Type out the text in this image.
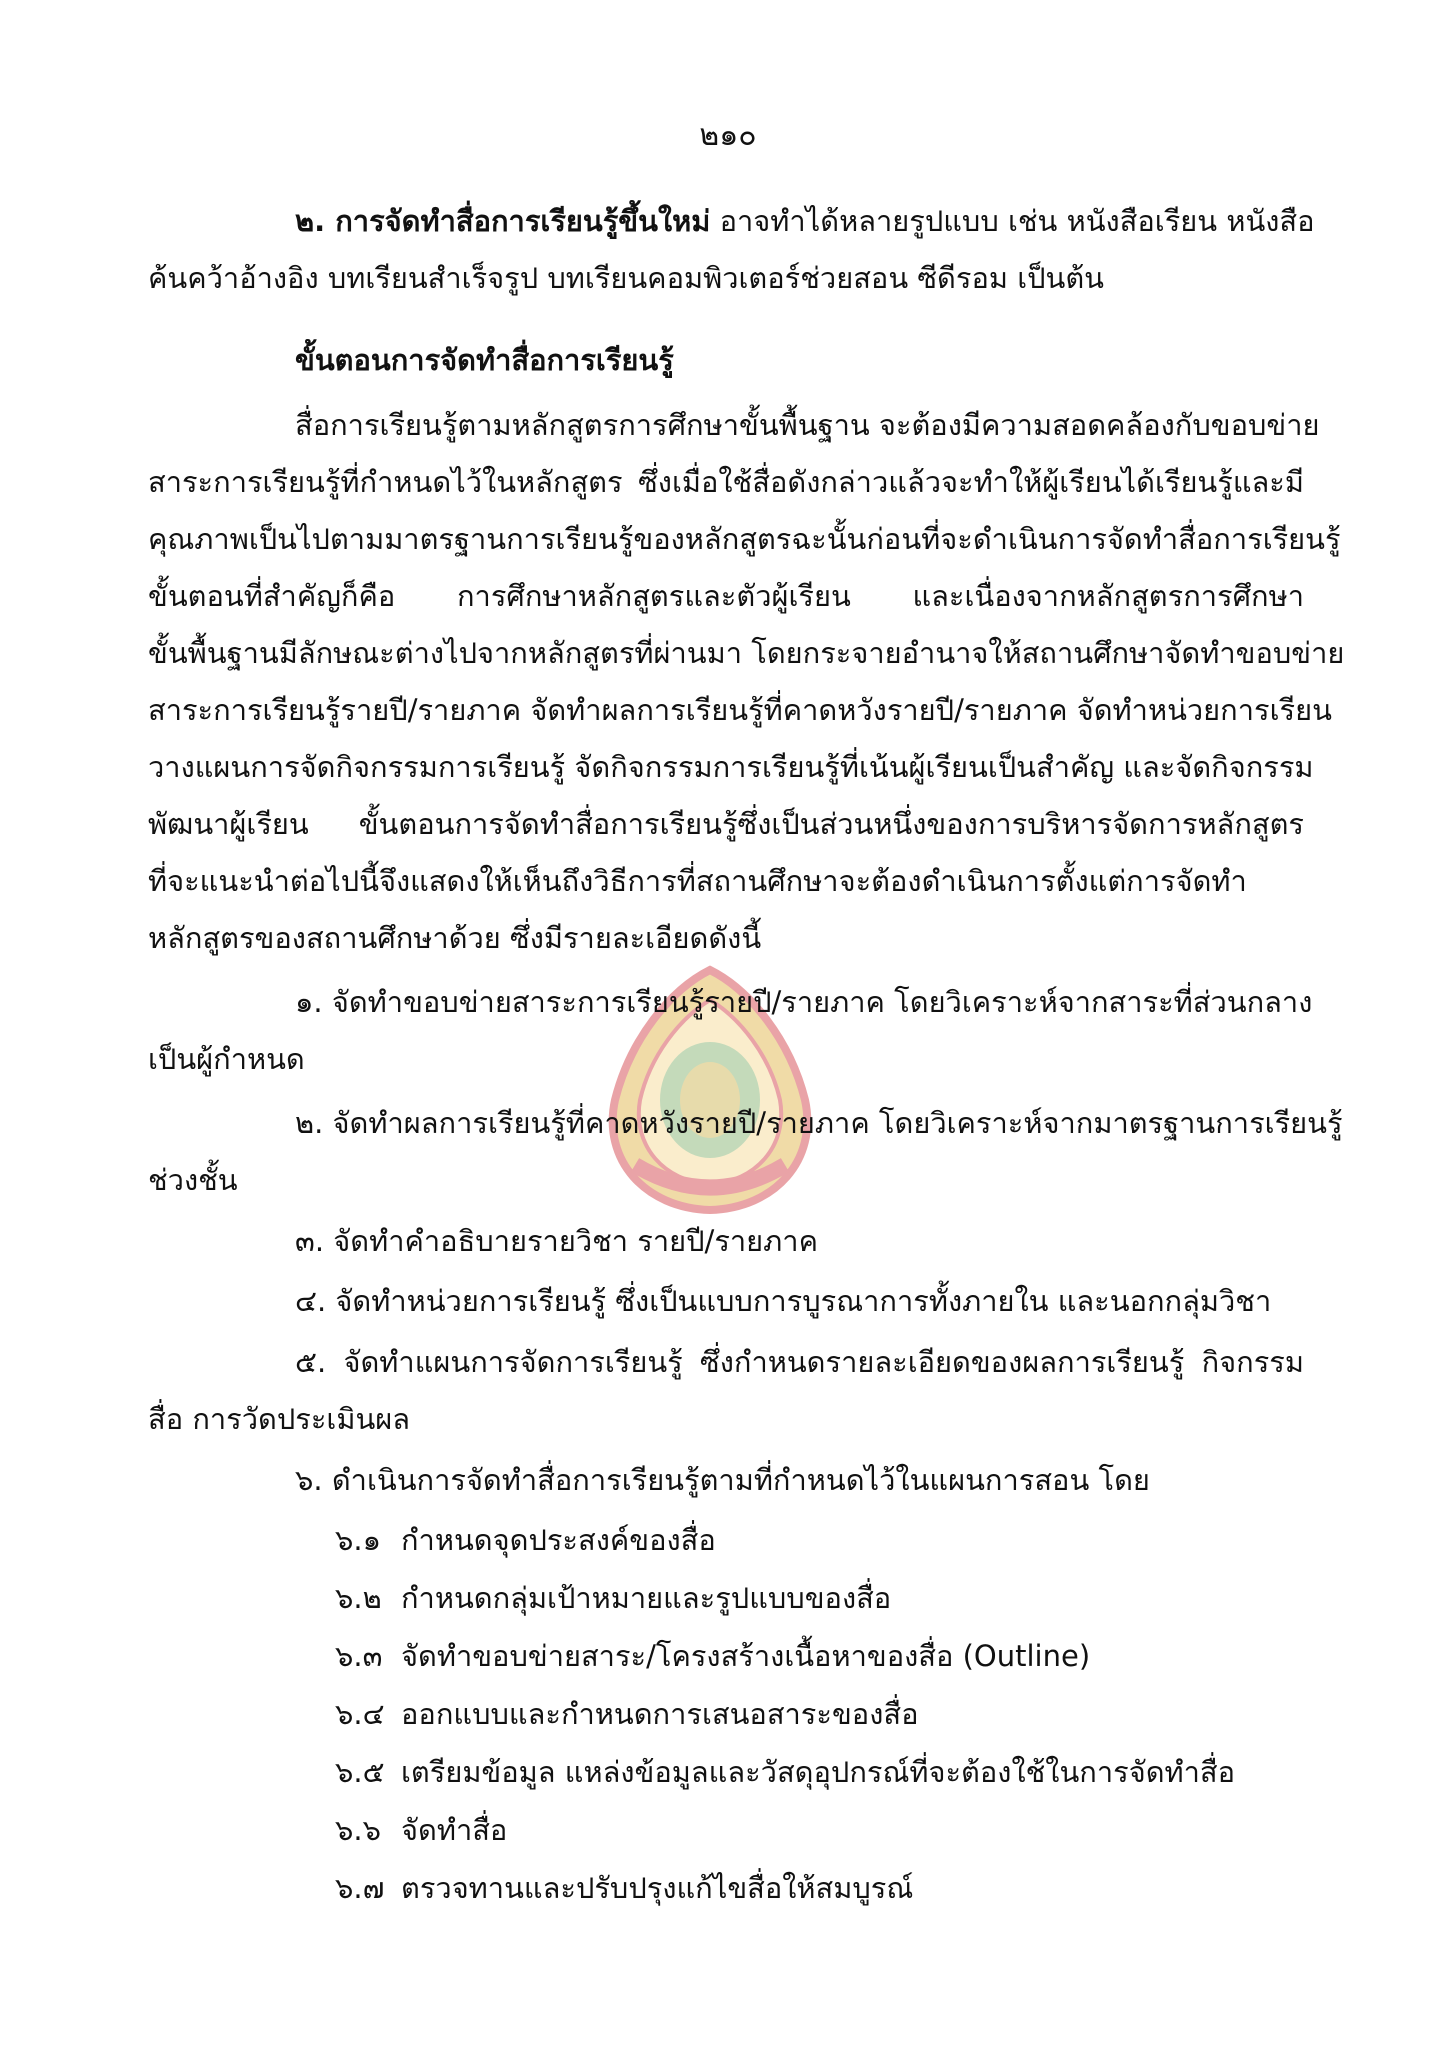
๒๑๐
๒. การจัดทำสื่อการเรียนรู้ขึ้นใหม่ อาจทำได้หลายรูปแบบ เช่น หนังสือเรียน หนังสือ
ค้นคว้าอ้างอิง บทเรียนสำเร็จรูป บทเรียนคอมพิวเตอร์ช่วยสอน ซีดีรอม เป็นต้น
ขั้นตอนการจัดทำสื่อการเรียนรู้
สื่อการเรียนรู้ตามหลักสูตรการศึกษาขั้นพื้นฐาน จะต้องมีความสอดคล้องกับขอบข่าย
สาระการเรียนรู้ที่กำหนดไว้ในหลักสูตร ซึ่งเมื่อใช้สื่อดังกล่าวแล้วจะทำให้ผู้เรียนได้เรียนรู้และมี
คุณภาพเป็นไปตามมาตรฐานการเรียนรู้ของหลักสูตรฉะนั้นก่อนที่จะดำเนินการจัดทำสื่อการเรียนรู้
ขั้นตอนที่สำคัญก็คือ การศึกษาหลักสูตรและตัวผู้เรียน และเนื่องจากหลักสูตรการศึกษา
ขั้นพื้นฐานมีลักษณะต่างไปจากหลักสูตรที่ผ่านมา โดยกระจายอำนาจให้สถานศึกษาจัดทำขอบข่าย
สาระการเรียนรู้รายปี/รายภาค จัดทำผลการเรียนรู้ที่คาดหวังรายปี/รายภาค จัดทำหน่วยการเรียน
วางแผนการจัดกิจกรรมการเรียนรู้ จัดกิจกรรมการเรียนรู้ที่เน้นผู้เรียนเป็นสำคัญ และจัดกิจกรรม
พัฒนาผู้เรียน ขั้นตอนการจัดทำสื่อการเรียนรู้ซึ่งเป็นส่วนหนึ่งของการบริหารจัดการหลักสูตร
ที่จะแนะนำต่อไปนี้จึงแสดงให้เห็นถึงวิธีการที่สถานศึกษาจะต้องดำเนินการตั้งแต่การจัดทำ
หลักสูตรของสถานศึกษาด้วย ซึ่งมีรายละเอียดดังนี้
๑. จัดทำขอบข่ายสาระการเรียนรู้รายปี/รายภาค โดยวิเคราะห์จากสาระที่ส่วนกลาง
เป็นผู้กำหนด
๒. จัดทำผลการเรียนรู้ที่คาดหวังรายปี/รายภาค โดยวิเคราะห์จากมาตรฐานการเรียนรู้
ช่วงชั้น
๓. จัดทำคำอธิบายรายวิชา รายปี/รายภาค
๔. จัดทำหน่วยการเรียนรู้ ซึ่งเป็นแบบการบูรณาการทั้งภายใน และนอกกลุ่มวิชา
๕. จัดทำแผนการจัดการเรียนรู้ ซึ่งกำหนดรายละเอียดของผลการเรียนรู้ กิจกรรม
สื่อ การวัดประเมินผล
๖. ดำเนินการจัดทำสื่อการเรียนรู้ตามที่กำหนดไว้ในแผนการสอน โดย
๖.๑ กำหนดจุดประสงค์ของสื่อ
๖.๒ กำหนดกลุ่มเป้าหมายและรูปแบบของสื่อ
๖.๓ จัดทำขอบข่ายสาระ/โครงสร้างเนื้อหาของสื่อ (Outline)
๖.๔ ออกแบบและกำหนดการเสนอสาระของสื่อ
๖.๕ เตรียมข้อมูล แหล่งข้อมูลและวัสดุอุปกรณ์ที่จะต้องใช้ในการจัดทำสื่อ
๖.๖ จัดทำสื่อ
๖.๗ ตรวจทานและปรับปรุงแก้ไขสื่อให้สมบูรณ์
